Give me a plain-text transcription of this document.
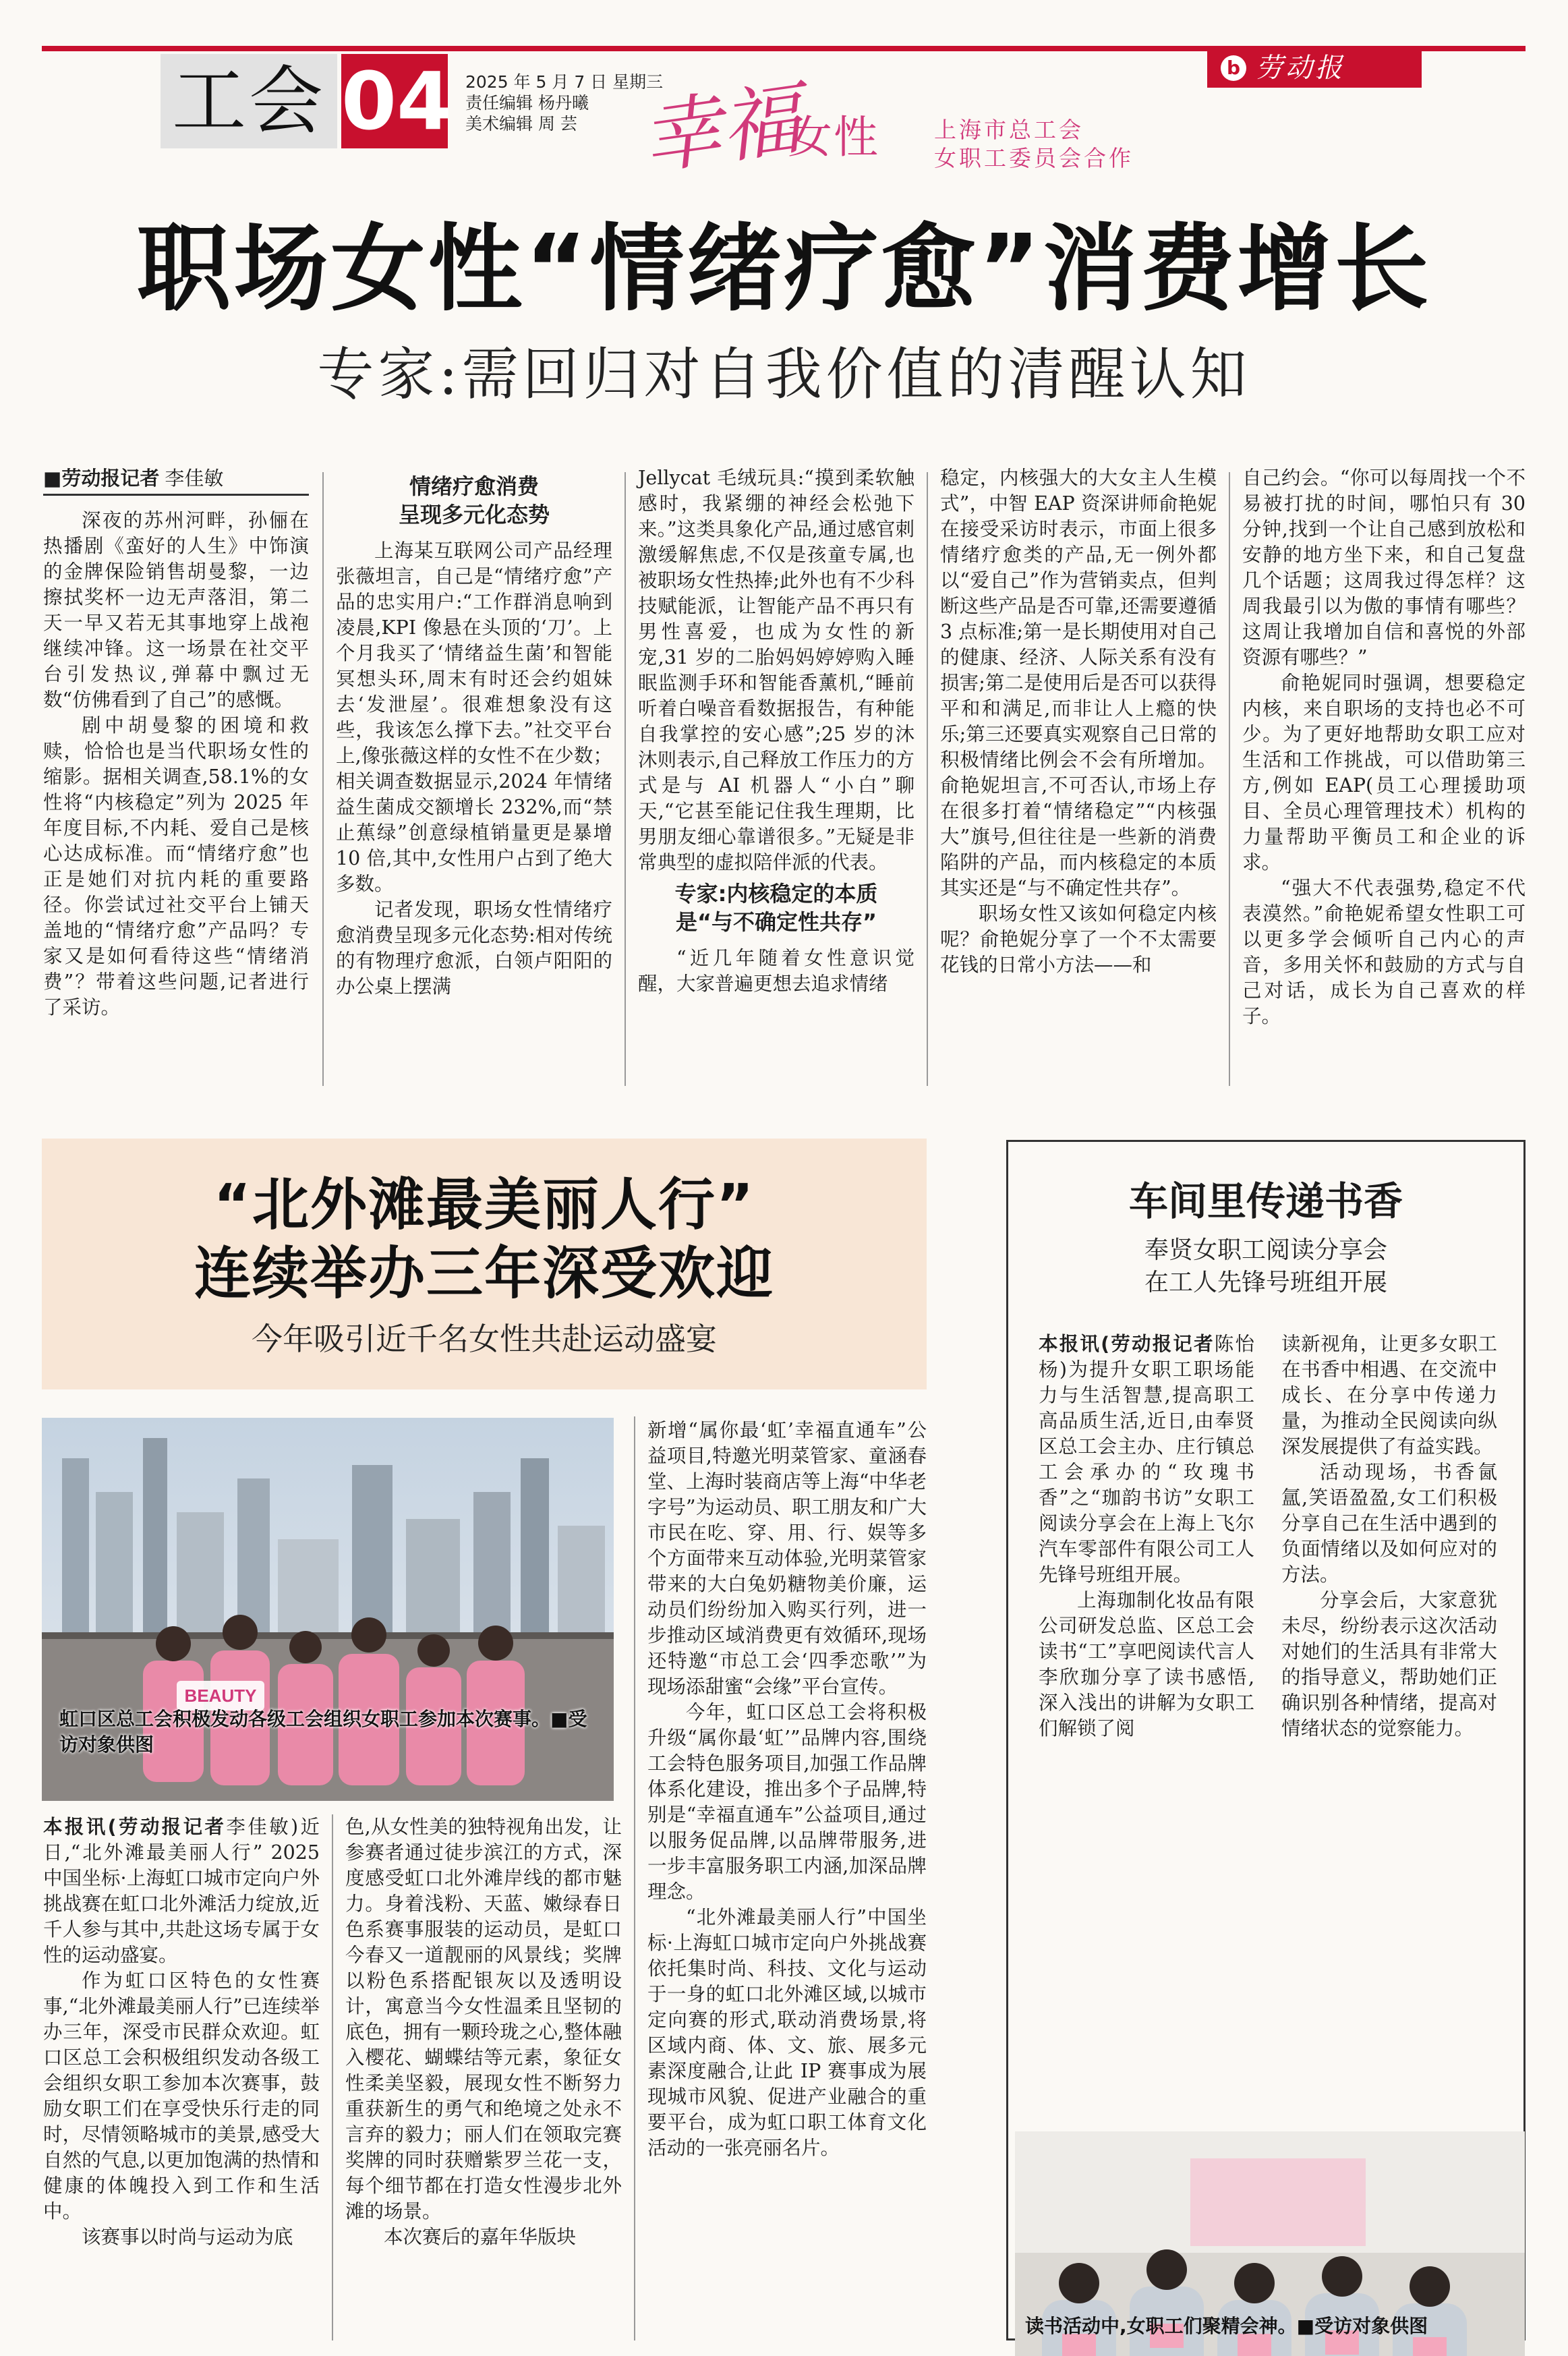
工会 04 2025 年 5 月 7 日 星期三
责任编辑 杨丹曦
美术编辑 周 芸 幸福
女性 上海市总工会
女职工委员会合作
b 劳动报
职场女性“情绪疗愈”消费增长
专家:需回归对自我价值的清醒认知
■劳动报记者 李佳敏

深夜的苏州河畔，孙俪在热播剧《蛮好的人生》中饰演的金牌保险销售胡曼黎，一边擦拭奖杯一边无声落泪，第二天一早又若无其事地穿上战袍继续冲锋。这一场景在社交平台引发热议,弹幕中飘过无数“仿佛看到了自己”的感慨。

剧中胡曼黎的困境和救赎，恰恰也是当代职场女性的缩影。据相关调查,58.1%的女性将“内核稳定”列为 2025 年年度目标,不内耗、爱自己是核心达成标准。而“情绪疗愈”也正是她们对抗内耗的重要路径。你尝试过社交平台上铺天盖地的“情绪疗愈”产品吗？专家又是如何看待这些“情绪消费”？带着这些问题,记者进行了采访。

情绪疗愈消费
呈现多元化态势

上海某互联网公司产品经理张薇坦言，自己是“情绪疗愈”产品的忠实用户:“工作群消息响到凌晨,KPI 像悬在头顶的‘刀’。上个月我买了‘情绪益生菌’和智能冥想头环,周末有时还会约姐妹去‘发泄屋’。很难想象没有这些，我该怎么撑下去。”社交平台上,像张薇这样的女性不在少数；相关调查数据显示,2024 年情绪益生菌成交额增长 232%,而“禁止蕉绿”创意绿植销量更是暴增 10 倍,其中,女性用户占到了绝大多数。

记者发现，职场女性情绪疗愈消费呈现多元化态势:相对传统的有物理疗愈派，白领卢阳阳的办公桌上摆满

Jellycat 毛绒玩具:“摸到柔软触感时，我紧绷的神经会松弛下来。”这类具象化产品,通过感官刺激缓解焦虑,不仅是孩童专属,也被职场女性热捧;此外也有不少科技赋能派，让智能产品不再只有男性喜爱，也成为女性的新宠,31 岁的二胎妈妈婷婷购入睡眠监测手环和智能香薰机,“睡前听着白噪音看数据报告，有种能自我掌控的安心感”;25 岁的沐沐则表示,自己释放工作压力的方式是与 AI 机器人“小白”聊天,“它甚至能记住我生理期，比男朋友细心靠谱很多。”无疑是非常典型的虚拟陪伴派的代表。

专家:内核稳定的本质
是“与不确定性共存”

“近几年随着女性意识觉醒，大家普遍更想去追求情绪

稳定，内核强大的大女主人生模式”，中智 EAP 资深讲师俞艳妮在接受采访时表示，市面上很多情绪疗愈类的产品,无一例外都以“爱自己”作为营销卖点，但判断这些产品是否可靠,还需要遵循 3 点标准;第一是长期使用对自己的健康、经济、人际关系有没有损害;第二是使用后是否可以获得平和和满足,而非让人上瘾的快乐;第三还要真实观察自己日常的积极情绪比例会不会有所增加。俞艳妮坦言,不可否认,市场上存在很多打着“情绪稳定”“内核强大”旗号,但往往是一些新的消费陷阱的产品，而内核稳定的本质其实还是“与不确定性共存”。

职场女性又该如何稳定内核呢？俞艳妮分享了一个不太需要花钱的日常小方法——和

自己约会。“你可以每周找一个不易被打扰的时间，哪怕只有 30 分钟,找到一个让自己感到放松和安静的地方坐下来，和自己复盘几个话题；这周我过得怎样？这周我最引以为傲的事情有哪些？这周让我增加自信和喜悦的外部资源有哪些？”

俞艳妮同时强调，想要稳定内核，来自职场的支持也必不可少。为了更好地帮助女职工应对生活和工作挑战，可以借助第三方,例如 EAP(员工心理援助项目、全员心理管理技术）机构的力量帮助平衡员工和企业的诉求。

“强大不代表强势,稳定不代表漠然。”俞艳妮希望女性职工可以更多学会倾听自己内心的声音，多用关怀和鼓励的方式与自己对话，成长为自己喜欢的样子。

“北外滩最美丽人行”
连续举办三年深受欢迎
今年吸引近千名女性共赴运动盛宴
BEAUTY
虹口区总工会积极发动各级工会组织女职工参加本次赛事。■受访对象供图

本报讯(劳动报记者李佳敏)近日,“北外滩最美丽人行” 2025 中国坐标·上海虹口城市定向户外挑战赛在虹口北外滩活力绽放,近千人参与其中,共赴这场专属于女性的运动盛宴。

作为虹口区特色的女性赛事,“北外滩最美丽人行”已连续举办三年，深受市民群众欢迎。虹口区总工会积极组织发动各级工会组织女职工参加本次赛事，鼓励女职工们在享受快乐行走的同时，尽情领略城市的美景,感受大自然的气息,以更加饱满的热情和健康的体魄投入到工作和生活中。

该赛事以时尚与运动为底

色,从女性美的独特视角出发，让参赛者通过徒步滨江的方式，深度感受虹口北外滩岸线的都市魅力。身着浅粉、天蓝、嫩绿春日色系赛事服装的运动员，是虹口今春又一道靓丽的风景线；奖牌以粉色系搭配银灰以及透明设计，寓意当今女性温柔且坚韧的底色，拥有一颗玲珑之心,整体融入樱花、蝴蝶结等元素，象征女性柔美坚毅，展现女性不断努力重获新生的勇气和绝境之处永不言弃的毅力；丽人们在领取完赛奖牌的同时获赠紫罗兰花一支，每个细节都在打造女性漫步北外滩的场景。

本次赛后的嘉年华版块

新增“属你最‘虹’幸福直通车”公益项目,特邀光明菜管家、童涵春堂、上海时装商店等上海“中华老字号”为运动员、职工朋友和广大市民在吃、穿、用、行、娱等多个方面带来互动体验,光明菜管家带来的大白兔奶糖物美价廉，运动员们纷纷加入购买行列，进一步推动区域消费更有效循环,现场还特邀“市总工会‘四季恋歌’”为现场添甜蜜“会缘”平台宣传。

今年，虹口区总工会将积极升级“属你最‘虹’”品牌内容,围绕工会特色服务项目,加强工作品牌体系化建设，推出多个子品牌,特别是“幸福直通车”公益项目,通过以服务促品牌,以品牌带服务,进一步丰富服务职工内涵,加深品牌理念。

“北外滩最美丽人行”中国坐标·上海虹口城市定向户外挑战赛依托集时尚、科技、文化与运动于一身的虹口北外滩区域,以城市定向赛的形式,联动消费场景,将区域内商、体、文、旅、展多元素深度融合,让此 IP 赛事成为展现城市风貌、促进产业融合的重要平台，成为虹口职工体育文化活动的一张亮丽名片。

车间里传递书香
奉贤女职工阅读分享会
在工人先锋号班组开展

本报讯(劳动报记者陈怡杨)为提升女职工职场能力与生活智慧,提高职工高品质生活,近日,由奉贤区总工会主办、庄行镇总工会承办的“玫瑰书香”之“珈韵书访”女职工阅读分享会在上海上飞尔汽车零部件有限公司工人先锋号班组开展。

上海珈制化妆品有限公司研发总监、区总工会读书“工”享吧阅读代言人李欣珈分享了读书感悟,深入浅出的讲解为女职工们解锁了阅

读新视角，让更多女职工在书香中相遇、在交流中成长、在分享中传递力量，为推动全民阅读向纵深发展提供了有益实践。

活动现场，书香氤氲,笑语盈盈,女工们积极分享自己在生活中遇到的负面情绪以及如何应对的方法。

分享会后，大家意犹未尽，纷纷表示这次活动对她们的生活具有非常大的指导意义，帮助她们正确识别各种情绪，提高对情绪状态的觉察能力。

读书活动中,女职工们聚精会神。■受访对象供图
